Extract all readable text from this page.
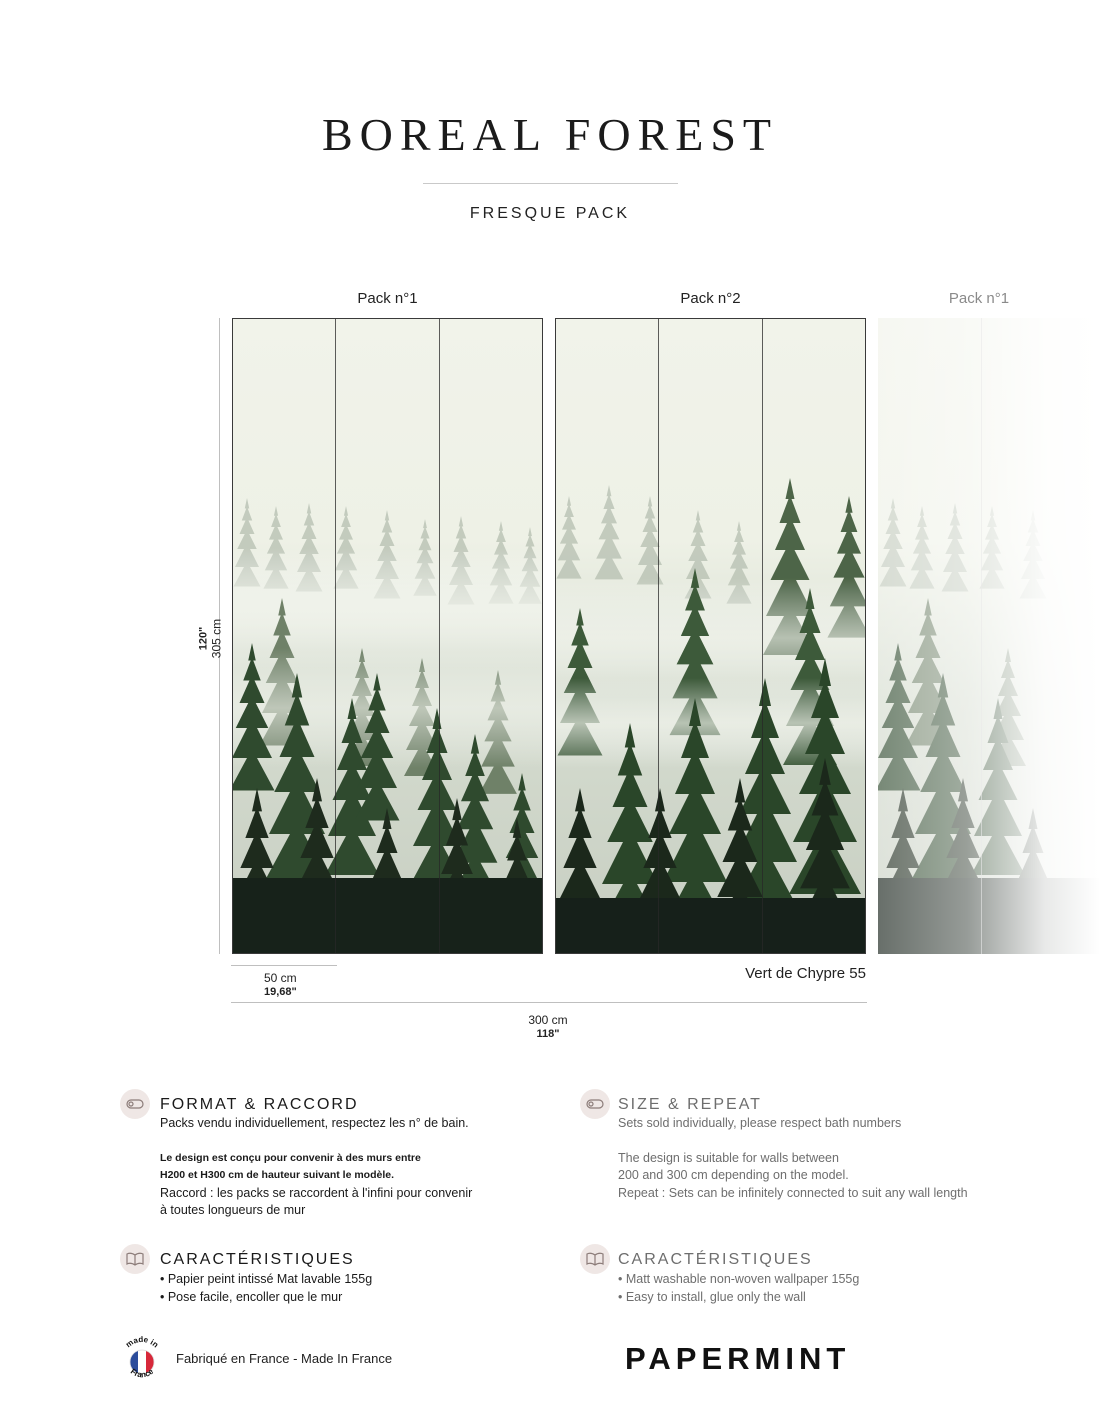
BOREAL FOREST
FRESQUE PACK
Pack n°1	Pack n°2	Pack n°1
120" 305 cm
50 cm
19,68"
Vert de Chypre 55
300 cm
118"
FORMAT & RACCORD
Packs vendu individuellement, respectez les n° de bain.
Le design est conçu pour convenir à des murs entre
H200 et H300 cm de hauteur suivant le modèle.
Raccord : les packs se raccordent à l'infini pour convenir
à toutes longueurs de mur
SIZE & REPEAT
Sets sold individually, please respect bath numbers
The design is suitable for walls between
200 and 300 cm depending on the model.
Repeat : Sets can be infinitely connected to suit any wall length
CARACTÉRISTIQUES
• Papier peint intissé Mat lavable 155g
• Pose facile, encoller que le mur
CARACTÉRISTIQUES
• Matt washable non-woven wallpaper 155g
• Easy to install, glue only the wall
made in
France
Fabriqué en France - Made In France	PAPERMINT
